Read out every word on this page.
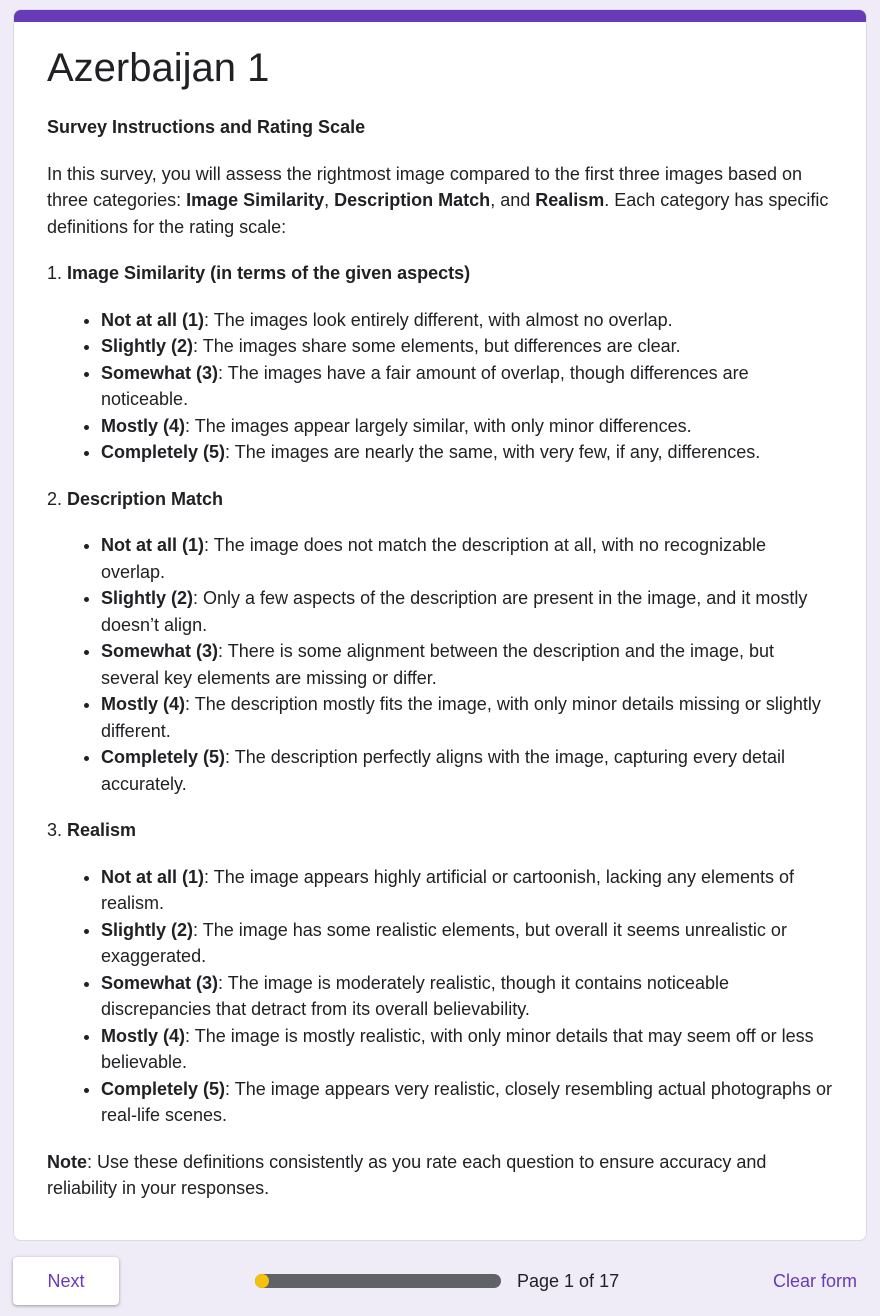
Azerbaijan 1

Survey Instructions and Rating Scale

In this survey, you will assess the rightmost image compared to the first three images based on three categories: Image Similarity, Description Match, and Realism. Each category has specific definitions for the rating scale:

1. Image Similarity (in terms of the given aspects)

• Not at all (1): The images look entirely different, with almost no overlap.
• Slightly (2): The images share some elements, but differences are clear.
• Somewhat (3): The images have a fair amount of overlap, though differences are noticeable.
• Mostly (4): The images appear largely similar, with only minor differences.
• Completely (5): The images are nearly the same, with very few, if any, differences.

2. Description Match

• Not at all (1): The image does not match the description at all, with no recognizable overlap.
• Slightly (2): Only a few aspects of the description are present in the image, and it mostly doesn’t align.
• Somewhat (3): There is some alignment between the description and the image, but several key elements are missing or differ.
• Mostly (4): The description mostly fits the image, with only minor details missing or slightly different.
• Completely (5): The description perfectly aligns with the image, capturing every detail accurately.

3. Realism

• Not at all (1): The image appears highly artificial or cartoonish, lacking any elements of realism.
• Slightly (2): The image has some realistic elements, but overall it seems unrealistic or exaggerated.
• Somewhat (3): The image is moderately realistic, though it contains noticeable discrepancies that detract from its overall believability.
• Mostly (4): The image is mostly realistic, with only minor details that may seem off or less believable.
• Completely (5): The image appears very realistic, closely resembling actual photographs or real-life scenes.

Note: Use these definitions consistently as you rate each question to ensure accuracy and reliability in your responses.

Next	Page 1 of 17	Clear form
